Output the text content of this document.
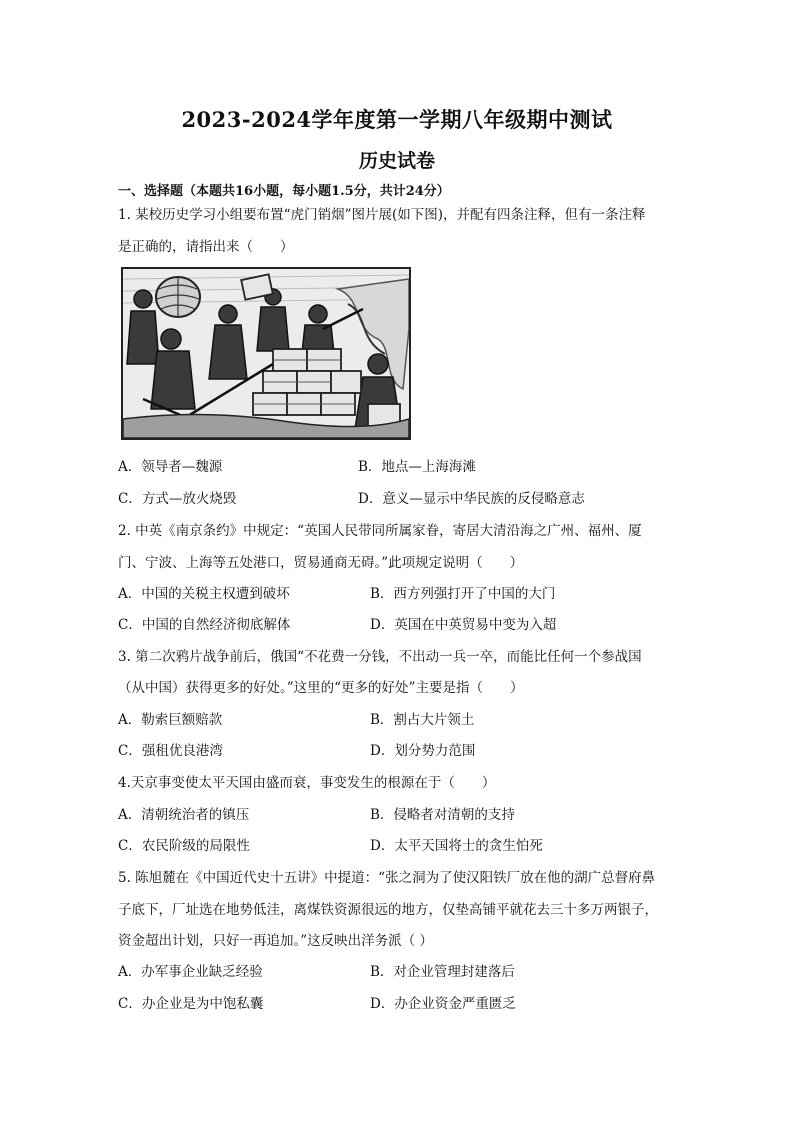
2023-2024学年度第一学期八年级期中测试
历史试卷
一、选择题（本题共16小题，每小题1.5分，共计24分）
1. 某校历史学习小组要布置“虎门销烟”图片展(如下图)，并配有四条注释，但有一条注释
是正确的，请指出来（　　）
A．领导者—魏源	B．地点—上海海滩
C．方式—放火烧毁	D．意义—显示中华民族的反侵略意志
2. 中英《南京条约》中规定：“英国人民带同所属家眷，寄居大清沿海之广州、福州、厦
门、宁波、上海等五处港口，贸易通商无碍。”此项规定说明（　　）
A．中国的关税主权遭到破坏	B．西方列强打开了中国的大门
C．中国的自然经济彻底解体	D．英国在中英贸易中变为入超
3. 第二次鸦片战争前后，俄国“不花费一分钱，不出动一兵一卒，而能比任何一个参战国
（从中国）获得更多的好处。”这里的“更多的好处”主要是指（　　）
A．勒索巨额赔款	B．割占大片领土
C．强租优良港湾	D．划分势力范围
4.天京事变使太平天国由盛而衰，事变发生的根源在于（　　）
A．清朝统治者的镇压	B．侵略者对清朝的支持
C．农民阶级的局限性	D．太平天国将士的贪生怕死
5. 陈旭麓在《中国近代史十五讲》中提道：“张之洞为了使汉阳铁厂放在他的湖广总督府鼻
子底下，厂址选在地势低洼，离煤铁资源很远的地方，仅垫高铺平就花去三十多万两银子，
资金超出计划，只好一再追加。”这反映出洋务派（ ）
A．办军事企业缺乏经验	B．对企业管理封建落后
C．办企业是为中饱私囊	D．办企业资金严重匮乏
